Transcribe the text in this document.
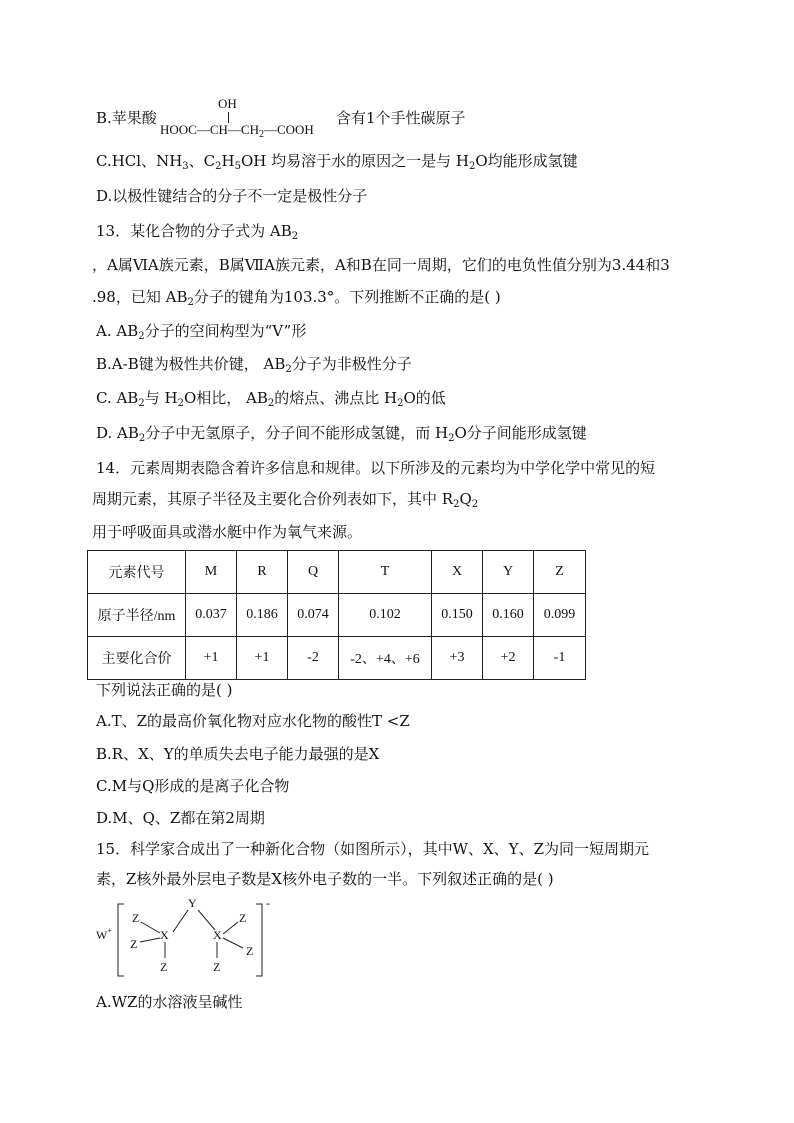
B.苹果酸
OH
$HOOC—CH—CH_2—COOH$
含有1个手性碳原子
C.HCl、$NH_3$、$C_2H_5OH$ 均易溶于水的原因之一是与 $H_2O$均能形成氢键
D.以极性键结合的分子不一定是极性分子
13．某化合物的分子式为 $AB_2$
，A属ⅥA族元素，B属ⅦA族元素，A和B在同一周期，它们的电负性值分别为3.44和3
.98，已知 $AB_2$分子的键角为103.3°。下列推断不正确的是( )
A. $AB_2$分子的空间构型为“V”形
B.A-B键为极性共价键， $AB_2$分子为非极性分子
C. $AB_2$与 $H_2O$相比， $AB_2$的熔点、沸点比 $H_2O$的低
D. $AB_2$分子中无氢原子，分子间不能形成氢键，而 $H_2O$分子间能形成氢键
14．元素周期表隐含着许多信息和规律。以下所涉及的元素均为中学化学中常见的短
周期元素，其原子半径及主要化合价列表如下，其中 $R_2Q_2$
用于呼吸面具或潜水艇中作为氧气来源。
元素代号	M	R	Q	T	X	Y	Z
原子半径/nm	0.037	0.186	0.074	0.102	0.150	0.160	0.099
主要化合价	+1	+1	-2	-2、+4、+6	+3	+2	-1
下列说法正确的是( )
A.T、Z的最高价氧化物对应水化物的酸性T <Z
B.R、X、Y的单质失去电子能力最强的是X
C.M与Q形成的是离子化合物
D.M、Q、Z都在第2周期
15．科学家合成出了一种新化合物（如图所示），其中W、X、Y、Z为同一短周期元
素，Z核外最外层电子数是X核外电子数的一半。下列叙述正确的是( )
W+
-
Y
X	X
Z
Z
Z
Z
Z
Z
A.WZ的水溶液呈碱性
